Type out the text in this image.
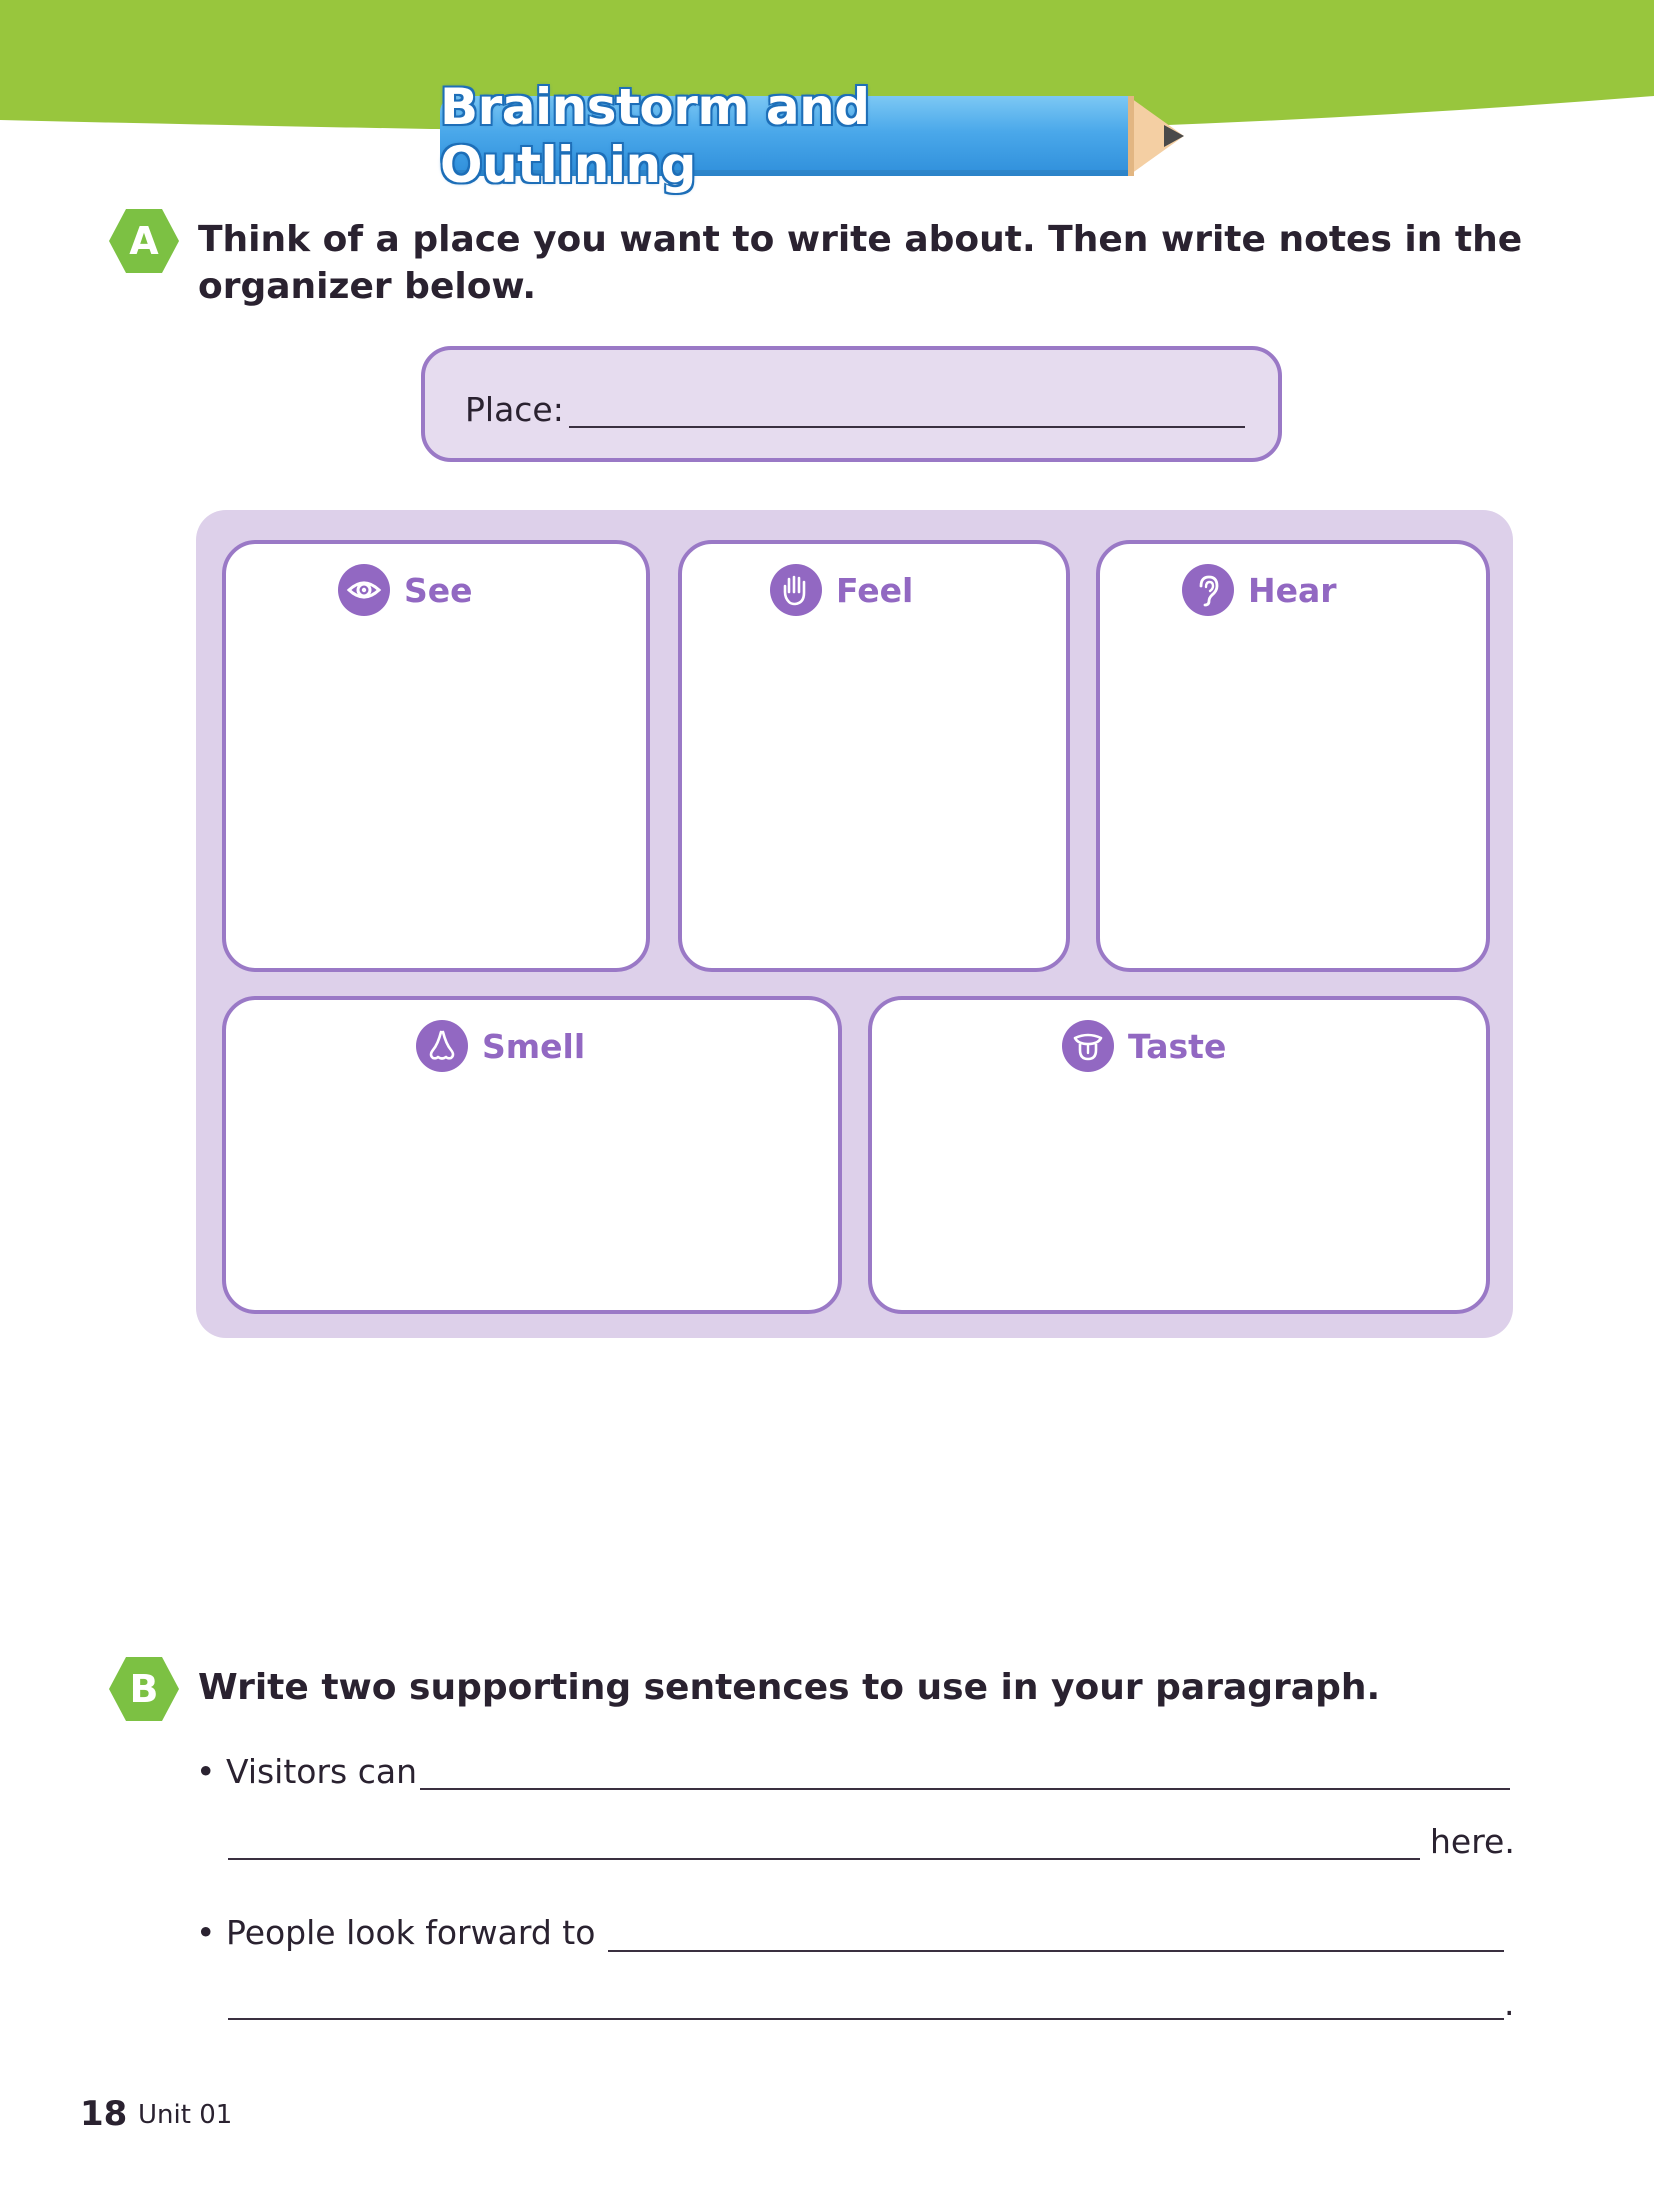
Brainstorm and Outlining
A	Think of a place you want to write about. Then write notes in the
organizer below.
Place:
See	Feel	Hear
Smell	Taste
B	Write two supporting sentences to use in your paragraph.
• Visitors can
here.
• People look forward to
.
18 Unit 01
